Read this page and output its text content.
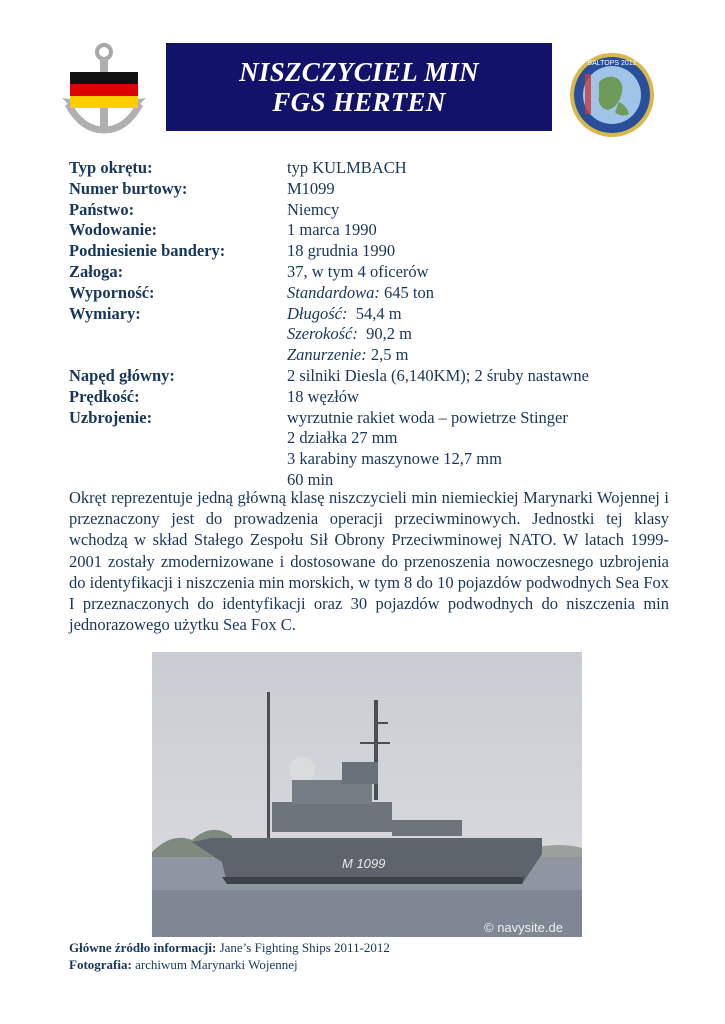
NISZCZYCIEL MIN
FGS HERTEN
BALTOPS 2012
Typ okrętu:	typ KULMBACH
Numer burtowy:	M1099
Państwo:	Niemcy
Wodowanie:	1 marca 1990
Podniesienie bandery:	18 grudnia 1990
Załoga:	37, w tym 4 oficerów
Wyporność:	Standardowa: 645 ton
Wymiary:	Długość: 54,4 m
Szerokość: 90,2 m
Zanurzenie: 2,5 m
Napęd główny:	2 silniki Diesla (6,140KM); 2 śruby nastawne
Prędkość:	18 węzłów
Uzbrojenie:	wyrzutnie rakiet woda – powietrze Stinger
2 działka 27 mm
3 karabiny maszynowe 12,7 mm
60 min

Okręt reprezentuje jedną główną klasę niszczycieli min niemieckiej Marynarki Wojennej i przeznaczony jest do prowadzenia operacji przeciwminowych. Jednostki tej klasy wchodzą w skład Stałego Zespołu Sił Obrony Przeciwminowej NATO. W latach 1999-2001 zostały zmodernizowane i dostosowane do przenoszenia nowoczesnego uzbrojenia do identyfikacji i niszczenia min morskich, w tym 8 do 10 pojazdów podwodnych Sea Fox I przeznaczonych do identyfikacji oraz 30 pojazdów podwodnych do niszczenia min jednorazowego użytku Sea Fox C.

M 1099
© navysite.de
Główne źródło informacji: Jane’s Fighting Ships 2011-2012
Fotografia: archiwum Marynarki Wojennej
